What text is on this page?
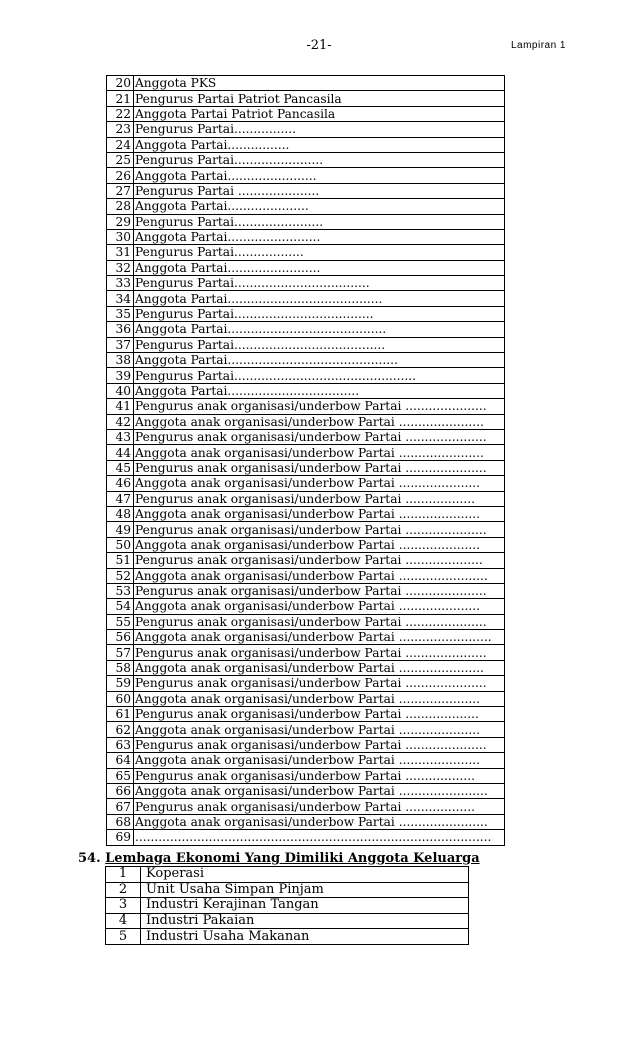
-21-	Lampiran 1
20	Anggota PKS
21	Pengurus Partai Patriot Pancasila
22	Anggota Partai Patriot Pancasila
23	Pengurus Partai................
24	Anggota Partai................
25	Pengurus Partai.......................
26	Anggota Partai.......................
27	Pengurus Partai .....................
28	Anggota Partai.....................
29	Pengurus Partai.......................
30	Anggota Partai........................
31	Pengurus Partai..................
32	Anggota Partai........................
33	Pengurus Partai...................................
34	Anggota Partai........................................
35	Pengurus Partai....................................
36	Anggota Partai.........................................
37	Pengurus Partai.......................................
38	Anggota Partai............................................
39	Pengurus Partai...............................................
40	Anggota Partai..................................
41	Pengurus anak organisasi/underbow Partai .....................
42	Anggota anak organisasi/underbow Partai ......................
43	Pengurus anak organisasi/underbow Partai .....................
44	Anggota anak organisasi/underbow Partai ......................
45	Pengurus anak organisasi/underbow Partai .....................
46	Anggota anak organisasi/underbow Partai .....................
47	Pengurus anak organisasi/underbow Partai ..................
48	Anggota anak organisasi/underbow Partai .....................
49	Pengurus anak organisasi/underbow Partai .....................
50	Anggota anak organisasi/underbow Partai .....................
51	Pengurus anak organisasi/underbow Partai ....................
52	Anggota anak organisasi/underbow Partai .......................
53	Pengurus anak organisasi/underbow Partai .....................
54	Anggota anak organisasi/underbow Partai .....................
55	Pengurus anak organisasi/underbow Partai .....................
56	Anggota anak organisasi/underbow Partai ........................
57	Pengurus anak organisasi/underbow Partai .....................
58	Anggota anak organisasi/underbow Partai ......................
59	Pengurus anak organisasi/underbow Partai .....................
60	Anggota anak organisasi/underbow Partai .....................
61	Pengurus anak organisasi/underbow Partai ...................
62	Anggota anak organisasi/underbow Partai .....................
63	Pengurus anak organisasi/underbow Partai .....................
64	Anggota anak organisasi/underbow Partai .....................
65	Pengurus anak organisasi/underbow Partai ..................
66	Anggota anak organisasi/underbow Partai .......................
67	Pengurus anak organisasi/underbow Partai ..................
68	Anggota anak organisasi/underbow Partai .......................
69	............................................................................................
54. Lembaga Ekonomi Yang Dimiliki Anggota Keluarga
1	Koperasi
2	Unit Usaha Simpan Pinjam
3	Industri Kerajinan Tangan
4	Industri Pakaian
5	Industri Usaha Makanan
